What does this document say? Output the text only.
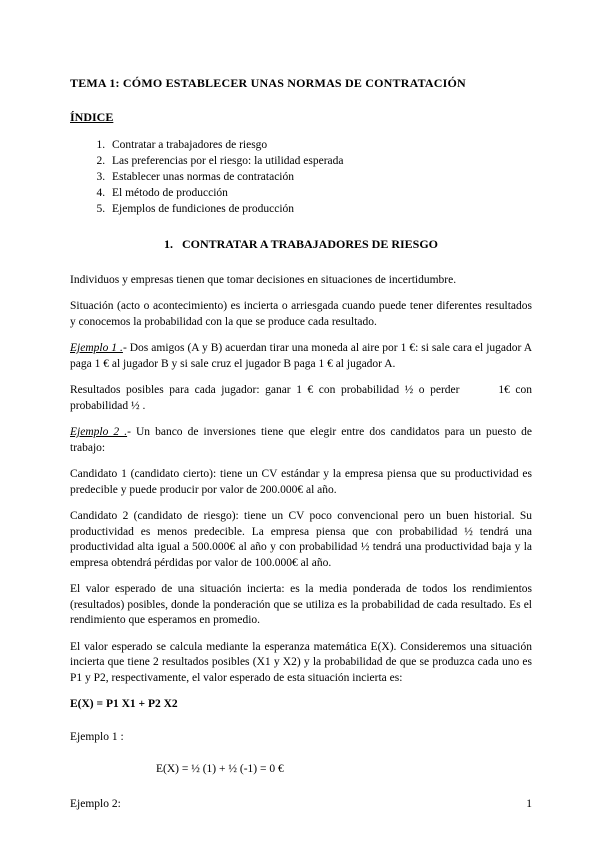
TEMA 1: CÓMO ESTABLECER UNAS NORMAS DE CONTRATACIÓN

ÍNDICE

1. Contratar a trabajadores de riesgo
2. Las preferencias por el riesgo: la utilidad esperada
3. Establecer unas normas de contratación
4. El método de producción
5. Ejemplos de fundiciones de producción

1.   CONTRATAR A TRABAJADORES DE RIESGO

Individuos y empresas tienen que tomar decisiones en situaciones de incertidumbre.

Situación (acto o acontecimiento) es incierta o arriesgada cuando puede tener diferentes resultados y conocemos la probabilidad con la que se produce cada resultado.

Ejemplo 1 .- Dos amigos (A y B) acuerdan tirar una moneda al aire por 1 €: si sale cara el jugador A paga 1 € al jugador B y si sale cruz el jugador B paga 1 € al jugador A.

Resultados posibles para cada jugador: ganar 1 € con probabilidad ½ o perder       1€ con probabilidad ½ .

Ejemplo 2 .- Un banco de inversiones tiene que elegir entre dos candidatos para un puesto de trabajo:

Candidato 1 (candidato cierto): tiene un CV estándar y la empresa piensa que su productividad es predecible y puede producir por valor de 200.000€ al año.

Candidato 2 (candidato de riesgo): tiene un CV poco convencional pero un buen historial. Su productividad es menos predecible. La empresa piensa que con probabilidad ½ tendrá una productividad alta igual a 500.000€ al año y con probabilidad ½ tendrá una productividad baja y la empresa obtendrá pérdidas por valor de 100.000€ al año.

El valor esperado de una situación incierta: es la media ponderada de todos los rendimientos (resultados) posibles, donde la ponderación que se utiliza es la probabilidad de cada resultado. Es el rendimiento que esperamos en promedio.

El valor esperado se calcula mediante la esperanza matemática E(X). Consideremos una situación incierta que tiene 2 resultados posibles (X1 y X2) y la probabilidad de que se produzca cada uno es P1 y P2, respectivamente, el valor esperado de esta situación incierta es:

E(X) = P1 X1 + P2 X2

Ejemplo 1 :

E(X) = ½ (1) + ½ (-1) = 0 €

Ejemplo 2:	1
